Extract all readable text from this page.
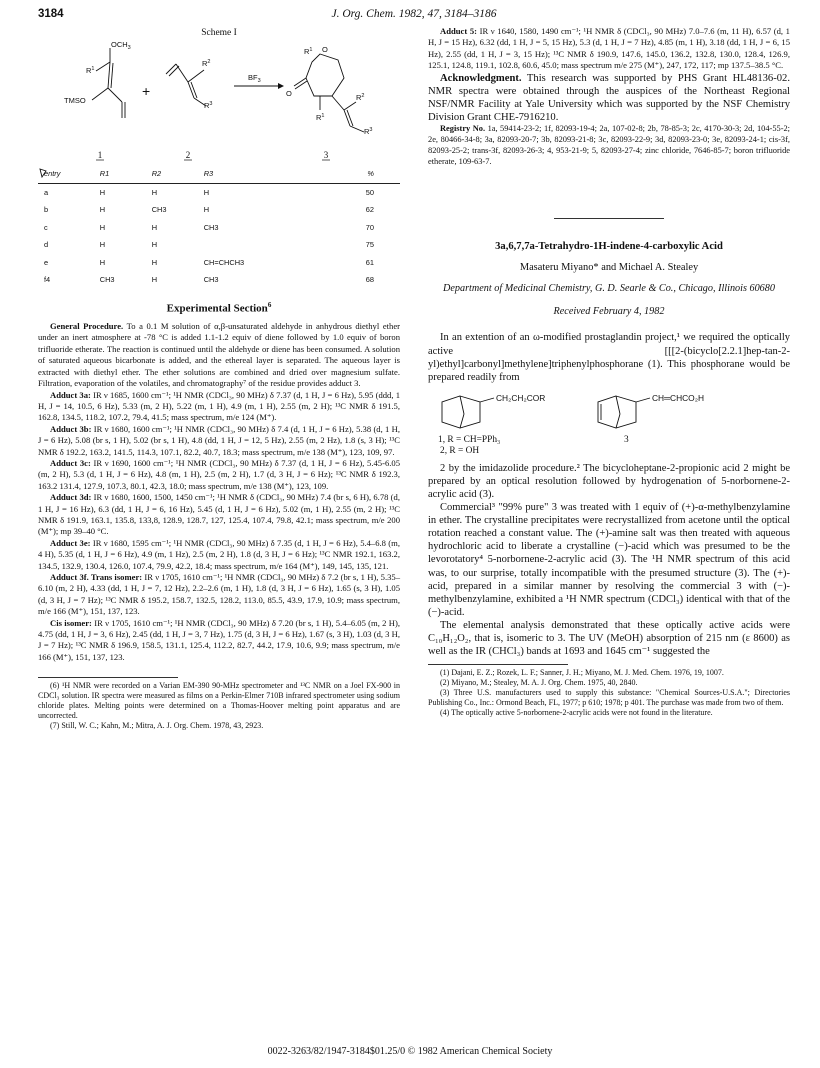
3184	J. Org. Chem. 1982, 47, 3184–3186
Scheme I
$OCH_3$
$R^1$
TMSO
+
$R^2$
$R^3$
$BF_3$
$R^1$ O
O	$R^2$
$R^3$
$R^1$
1	2	3
entry	R1	R2	R3	%
a	H	H	H	50
b	H	CH3	H	62
c	H	H	CH3	70
d	H	H		75
e	H	H	CH=CHCH3	61
f4	CH3	H	CH3	68
Experimental Section$^6$

General Procedure. To a 0.1 M solution of α,β-unsaturated aldehyde in anhydrous diethyl ether under an inert atmosphere at -78 °C is added 1.1-1.2 equiv of diene followed by 1.0 equiv of boron trifluoride etherate. The reaction is continued until the aldehyde or diene has been consumed. A solution of saturated aqueous bicarbonate is added, and the ethereal layer is separated. The aqueous layer is extracted with diethyl ether. The ether solutions are combined and dried over magnesium sulfate. Filtration, evaporation of the volatiles, and chromatography⁷ of the residue provides adduct 3.

Adduct 3a: IR ν 1685, 1600 cm⁻¹; ¹H NMR (CDCl₃, 90 MHz) δ 7.37 (d, 1 H, J = 6 Hz), 5.95 (ddd, 1 H, J = 14, 10.5, 6 Hz), 5.33 (m, 2 H), 5.22 (m, 1 H), 4.9 (m, 1 H), 2.55 (m, 2 H); ¹³C NMR δ 191.5, 162.8, 134.5, 118.2, 107.2, 79.4, 41.5; mass spectrum, m/e 124 (M⁺).

Adduct 3b: IR ν 1680, 1600 cm⁻¹; ¹H NMR (CDCl₃, 90 MHz) δ 7.4 (d, 1 H, J = 6 Hz), 5.38 (d, 1 H, J = 6 Hz), 5.08 (br s, 1 H), 5.02 (br s, 1 H), 4.8 (dd, 1 H, J = 12, 5 Hz), 2.55 (m, 2 Hz), 1.8 (s, 3 H); ¹³C NMR δ 192.2, 163.2, 141.5, 114.3, 107.1, 82.2, 40.7, 18.3; mass spectrum, m/e 138 (M⁺), 123, 109, 97.

Adduct 3c: IR ν 1690, 1600 cm⁻¹; ¹H NMR (CDCl₃, 90 MHz) δ 7.37 (d, 1 H, J = 6 Hz), 5.45-6.05 (m, 2 H), 5.3 (d, 1 H, J = 6 Hz), 4.8 (m, 1 H), 2.5 (m, 2 H), 1.7 (d, 3 H, J = 6 Hz); ¹³C NMR δ 192.3, 163.2 131.4, 127.9, 107.3, 80.1, 42.3, 18.0; mass spectrum, m/e 138 (M⁺), 123, 109.

Adduct 3d: IR ν 1680, 1600, 1500, 1450 cm⁻¹; ¹H NMR δ (CDCl₃, 90 MHz) 7.4 (br s, 6 H), 6.78 (d, 1 H, J = 16 Hz), 6.3 (dd, 1 H, J = 6, 16 Hz), 5.45 (d, 1 H, J = 6 Hz), 5.02 (m, 1 H), 2.55 (m, 2 H); ¹³C NMR δ 191.9, 163.1, 135.8, 133,8, 128.9, 128.7, 127, 125.4, 107.4, 79.8, 42.1; mass spectrum, m/e 200 (M⁺); mp 39–40 °C.

Adduct 3e: IR ν 1680, 1595 cm⁻¹; ¹H NMR (CDCl₃, 90 MHz) δ 7.35 (d, 1 H, J = 6 Hz), 5.4–6.8 (m, 4 H), 5.35 (d, 1 H, J = 6 Hz), 4.9 (m, 1 Hz), 2.5 (m, 2 H), 1.8 (d, 3 H, J = 6 Hz); ¹³C NMR 192.1, 163.2, 134.5, 132.9, 130.4, 126.0, 107.4, 79.9, 42.2, 18.4; mass spectrum, m/e 164 (M⁺), 149, 145, 135, 121.

Adduct 3f. Trans isomer: IR ν 1705, 1610 cm⁻¹; ¹H NMR (CDCl₃, 90 MHz) δ 7.2 (br s, 1 H), 5.35–6.10 (m, 2 H), 4.33 (dd, 1 H, J = 7, 12 Hz), 2.2–2.6 (m, 1 H), 1.8 (d, 3 H, J = 6 Hz), 1.65 (s, 3 H), 1.05 (d, 3 H, J = 7 Hz); ¹³C NMR δ 195.2, 158.7, 132.5, 128.2, 113.0, 85.5, 43.9, 17.9, 10.9; mass spectrum, m/e 166 (M⁺), 151, 137, 123.

Cis isomer: IR ν 1705, 1610 cm⁻¹; ¹H NMR (CDCl₃, 90 MHz) δ 7.20 (br s, 1 H), 5.4–6.05 (m, 2 H), 4.75 (dd, 1 H, J = 3, 6 Hz), 2.45 (dd, 1 H, J = 3, 7 Hz), 1.75 (d, 3 H, J = 6 Hz), 1.67 (s, 3 H), 1.03 (d, 3 H, J = 7 Hz); ¹³C NMR δ 196.9, 158.5, 131.1, 125.4, 112.2, 82.7, 44.2, 17.9, 10.6, 9.9; mass spectrum, m/e 166 (M⁺), 151, 137, 123.

(6) ¹H NMR were recorded on a Varian EM-390 90-MHz spectrometer and ¹³C NMR on a Joel FX-900 in CDCl₃ solution. IR spectra were measured as films on a Perkin-Elmer 710B infrared spectrometer using sodium chloride plates. Melting points were determined on a Thomas-Hoover melting point apparatus and are uncorrected.

(7) Still, W. C.; Kahn, M.; Mitra, A. J. Org. Chem. 1978, 43, 2923.

Adduct 5: IR ν 1640, 1580, 1490 cm⁻¹; ¹H NMR δ (CDCl₃, 90 MHz) 7.0–7.6 (m, 11 H), 6.57 (d, 1 H, J = 15 Hz), 6.32 (dd, 1 H, J = 5, 15 Hz), 5.3 (d, 1 H, J = 7 Hz), 4.85 (m, 1 H), 3.18 (dd, 1 H, J = 6, 15 Hz), 2.55 (dd, 1 H, J = 3, 15 Hz); ¹³C NMR δ 190.9, 147.6, 145.0, 136.2, 132.8, 130.0, 128.4, 126.9, 125.1, 124.8, 119.1, 102.8, 60.6, 45.0; mass spectrum m/e 275 (M⁺), 247, 172, 117; mp 137.5–38.5 °C.

Acknowledgment. This research was supported by PHS Grant HL48136-02. NMR spectra were obtained through the auspices of the Northeast Regional NSF/NMR Facility at Yale University which was supported by the NSF Chemistry Division Grant CHE-7916210.

Registry No. 1a, 59414-23-2; 1f, 82093-19-4; 2a, 107-02-8; 2b, 78-85-3; 2c, 4170-30-3; 2d, 104-55-2; 2e, 80466-34-8; 3a, 82093-20-7; 3b, 82093-21-8; 3c, 82093-22-9; 3d, 82093-23-0; 3e, 82093-24-1; cis-3f, 82093-25-2; trans-3f, 82093-26-3; 4, 953-21-9; 5, 82093-27-4; zinc chloride, 7646-85-7; boron trifluoride etherate, 109-63-7.

3a,6,7,7a-Tetrahydro-1H-indene-4-carboxylic Acid
Masateru Miyano* and Michael A. Stealey
Department of Medicinal Chemistry, G. D. Searle & Co., Chicago, Illinois 60680
Received February 4, 1982

In an extention of an ω-modified prostaglandin project,¹ we required the optically active [[[2-(bicyclo[2.2.1]hep-tan-2-yl)ethyl]carbonyl]methylene]triphenylphosphorane (1). This phosphorane would be prepared readily from

CH₂CH₂COR	CH═CHCO₂H
1, R = CH=PPh₃
2, R = OH
3

2 by the imidazolide procedure.² The bicycloheptane-2-propionic acid 2 might be prepared by an optical resolution followed by hydrogenation of 5-norbornene-2-acrylic acid (3).

Commercial³ "99% pure" 3 was treated with 1 equiv of (+)-α-methylbenzylamine in ether. The crystalline precipitates were recrystallized from acetone until the optical rotation reached a constant value. The (+)-amine salt was then treated with aqueous hydrochloric acid to liberate a crystalline (−)-acid which was presumed to be the levorotatory⁴ 5-norbornene-2-acrylic acid (3). The ¹H NMR spectrum of this acid was, to our surprise, totally incompatible with the presumed structure (3). The (+)-acid, prepared in a similar manner by resolving the commercial 3 with (−)-methylbenzylamine, exhibited a ¹H NMR spectrum (CDCl₃) identical with that of the (−)-acid.

The elemental analysis demonstrated that these optically active acids were C₁₀H₁₂O₂, that is, isomeric to 3. The UV (MeOH) absorption of 215 nm (ε 8600) as well as the IR (CHCl₃) bands at 1693 and 1645 cm⁻¹ suggested the

(1) Dajani, E. Z.; Rozek, L. F.; Sanner, J. H.; Miyano, M. J. Med. Chem. 1976, 19, 1007.

(2) Miyano, M.; Stealey, M. A. J. Org. Chem. 1975, 40, 2840.

(3) Three U.S. manufacturers used to supply this substance: "Chemical Sources-U.S.A."; Directories Publishing Co., Inc.: Ormond Beach, FL, 1977; p 610; 1978; p 401. The purchase was made from two of them.

(4) The optically active 5-norbornene-2-acrylic acids were not found in the literature.

0022-3263/82/1947-3184$01.25/0 © 1982 American Chemical Society
